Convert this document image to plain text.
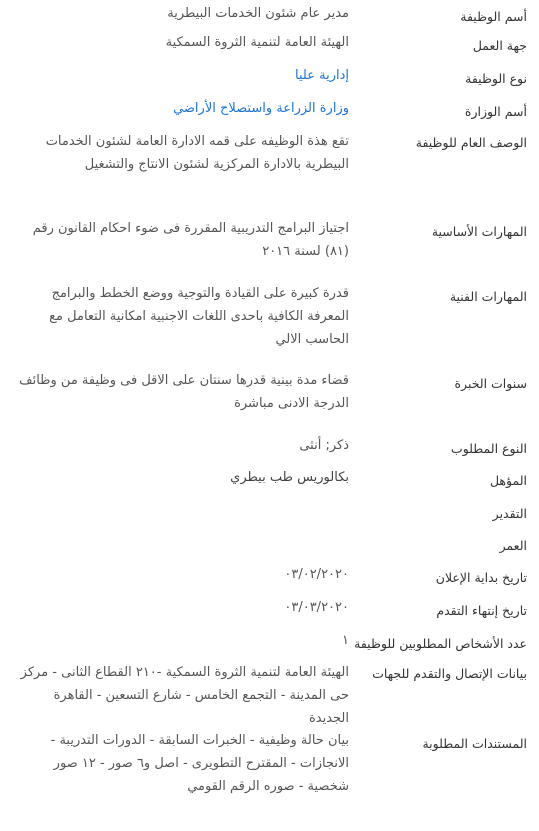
أسم الوظيفة
مدير عام شئون الخدمات البيطرية
جهة العمل
الهيئة العامة لتنمية الثروة السمكية
نوع الوظيفة
إدارية عليا
أسم الوزارة
وزارة الزراعة واستصلاح الأراضي
الوصف العام للوظيفة
تقع هذة الوظيفه على قمه الادارة العامة لشئون الخدمات البيطرية بالادارة المركزية لشئون الانتاج والتشغيل
المهارات الأساسية
اجتياز البرامج التدريبية المقررة فى ضوء احكام القانون رقم (٨١) لسنة ٢٠١٦
المهارات الفنية
قدرة كبيرة على القيادة والتوجية ووضع الخطط والبرامج المعرفة الكافية باحدى اللغات الاجنبية امكانية التعامل مع الحاسب الالي
سنوات الخبرة
قضاء مدة بينية قدرها سنتان على الاقل فى وظيفة من وظائف الدرجة الادنى مباشرة
النوع المطلوب
ذكر; أنثى
المؤهل
بكالوريس طب بيطري
التقدير
العمر
تاريخ بداية الإعلان
٠٣/٠٢/٢٠٢٠
تاريخ إنتهاء التقدم
٠٣/٠٣/٢٠٢٠
عدد الأشخاص المطلوبين للوظيفة
١
بيانات الإتصال والتقدم للجهات
الهيئة العامة لتنمية الثروة السمكية -٢١٠ القطاع الثانى - مركز حى المدينة - التجمع الخامس - شارع التسعين - القاهرة الجديدة
المستندات المطلوبة
بيان حالة وظيفية - الخبرات السابقة - الدورات التدريبة - الانجازات - المقترح التطويرى - اصل و٦ صور - ١٢ صور شخصية - صوره الرقم القومي
